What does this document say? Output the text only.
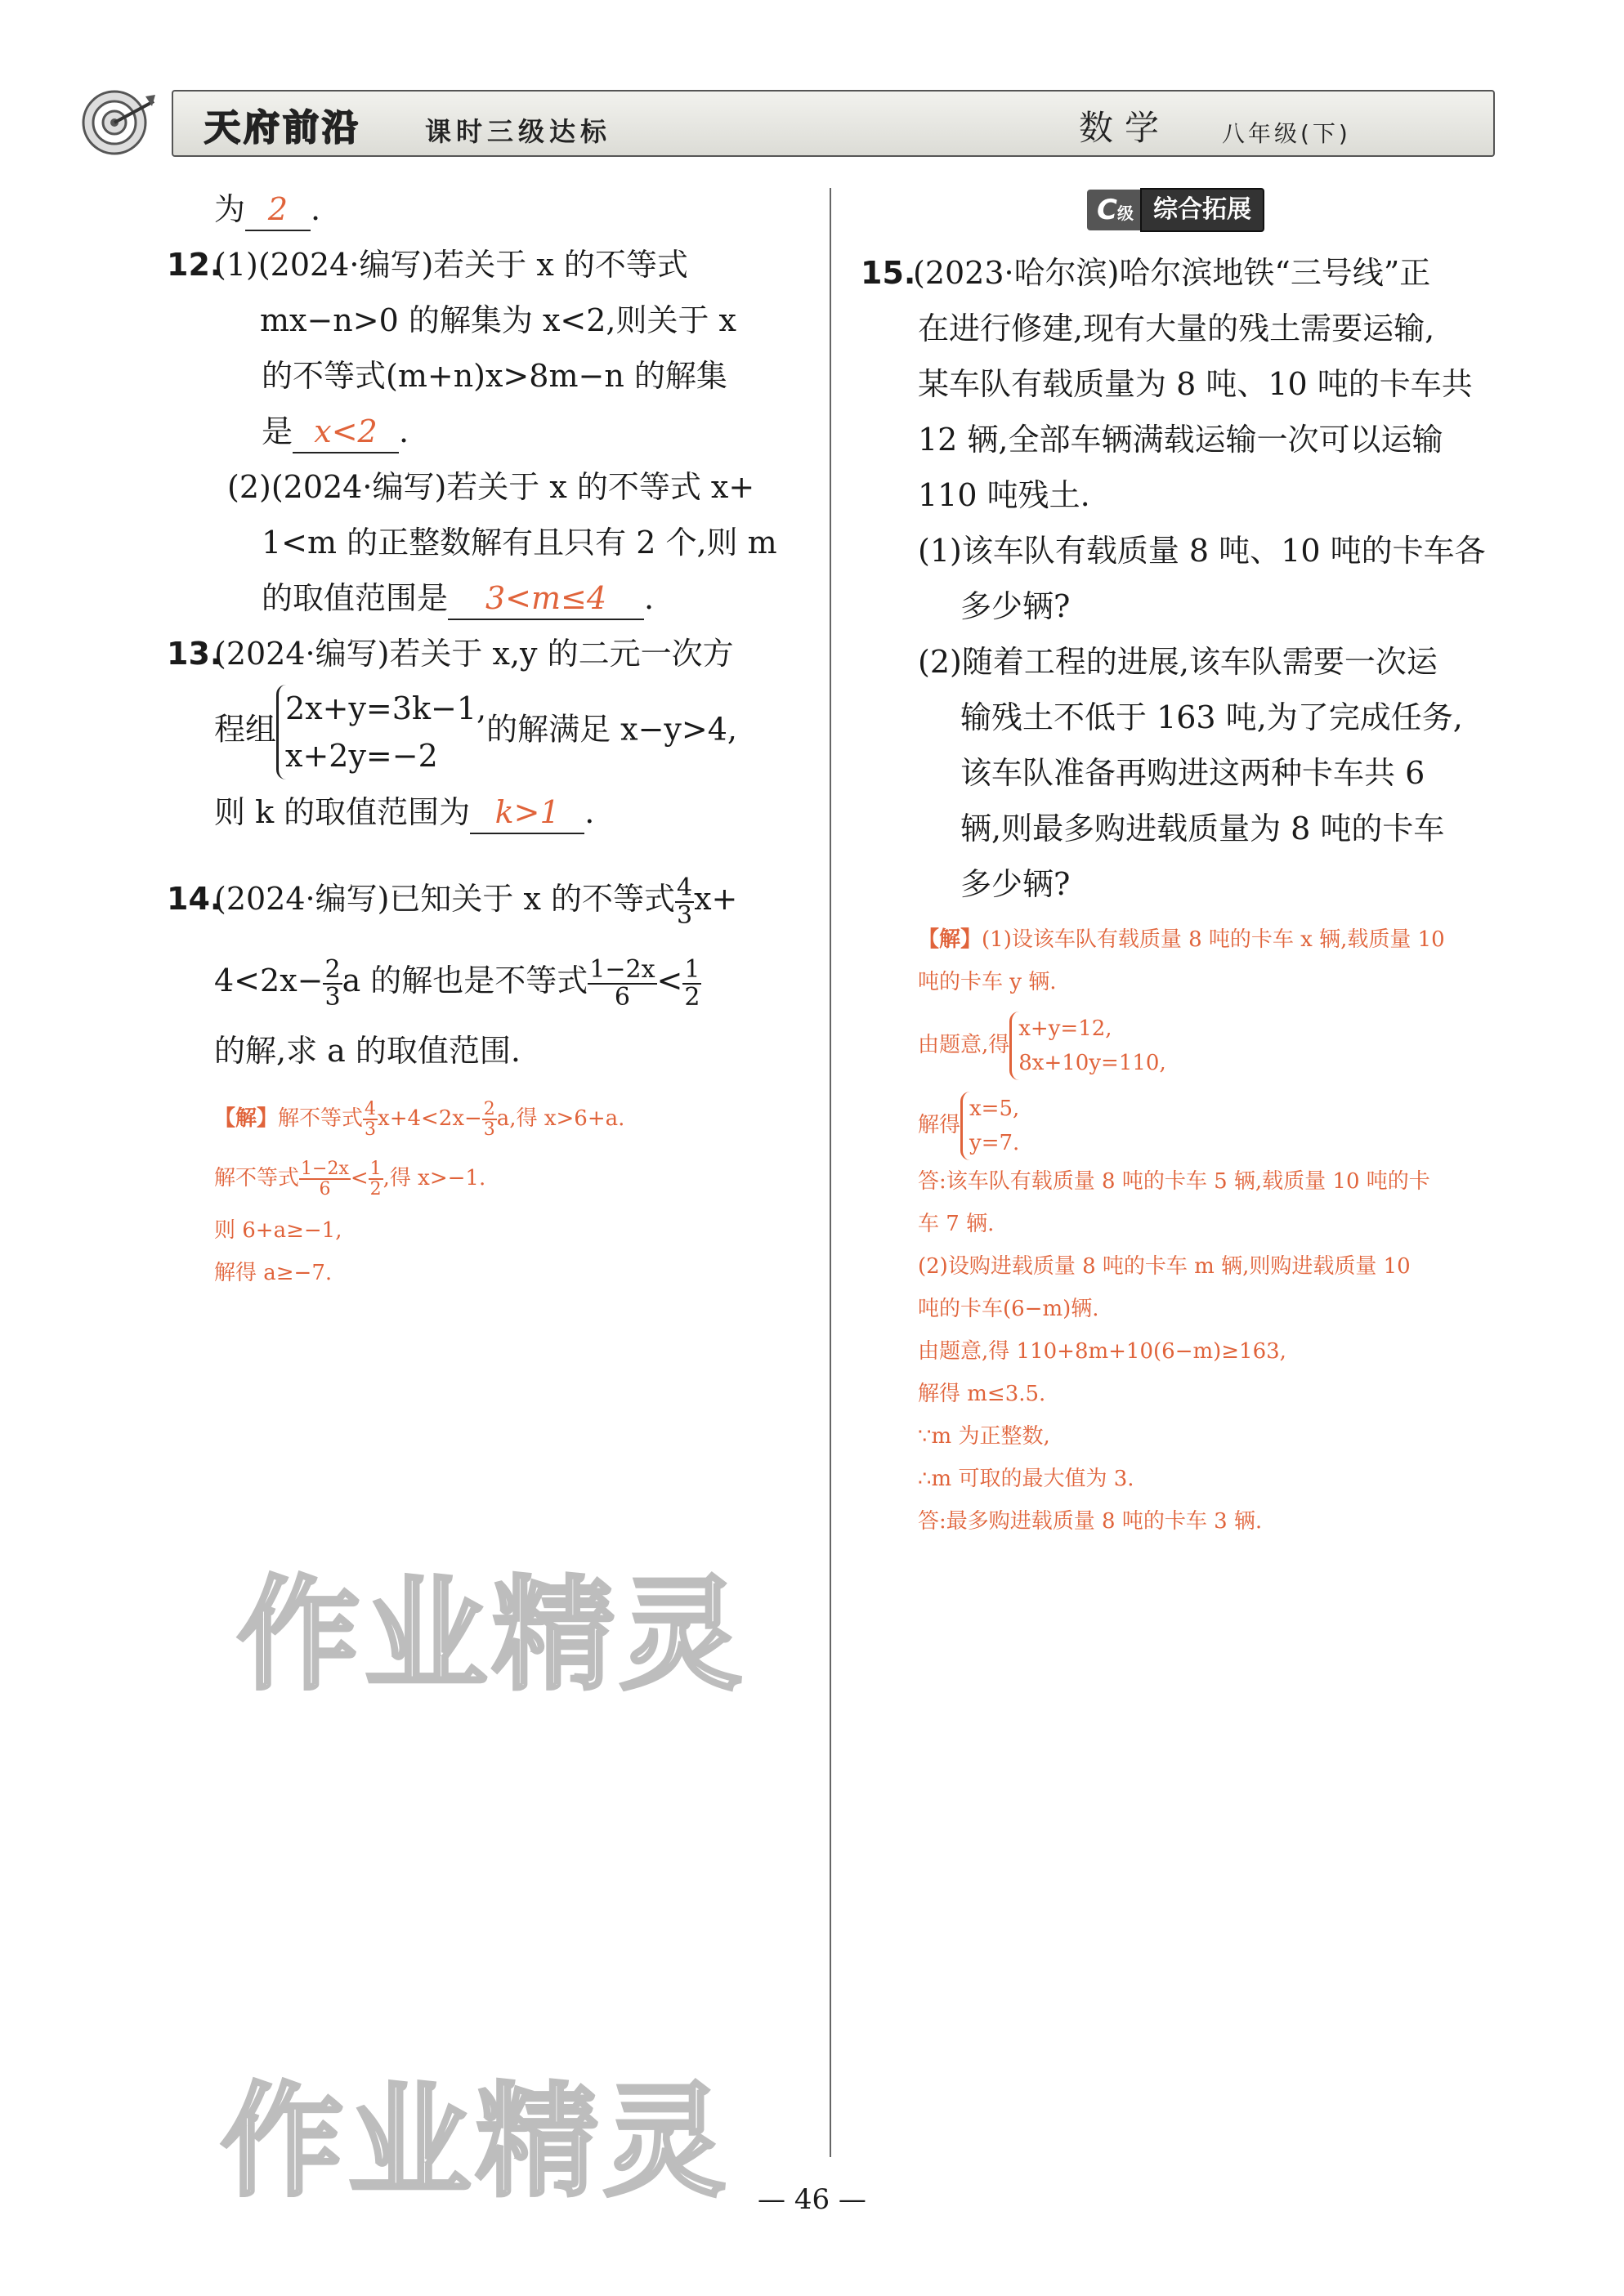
天府前沿 课时三级达标	数学 八年级(下)
为 2 .
12.
(1)(2024·编写)若关于 x 的不等式
mx−n>0 的解集为 x<2,则关于 x
的不等式(m+n)x>8m−n 的解集
是 x<2 .
(2)(2024·编写)若关于 x 的不等式 x+
1<m 的正整数解有且只有 2 个,则 m
的取值范围是 3<m≤4 .
13.
(2024·编写)若关于 x,y 的二元一次方
程组
2x+y=3k−1,
x+2y=−2
的解满足 x−y>4,
则 k 的取值范围为 k>1 .
14.
(2024·编写)已知关于 x 的不等式 $\frac{4}{3} x+$
$4<2x- \frac{2}{3}$ a 的解也是不等式 $\frac{1-2x}{6} < \frac{1}{2}$
的解,求 a 的取值范围.
【解】解不等式 $\frac{4}{3} x+4<2x- \frac{2}{3} a$,得 x>6+a.
解不等式 $\frac{1-2x}{6} < \frac{1}{2}$ ,得 x>−1.
则 6+a≥−1,
解得 a≥−7.
C级 综合拓展
15.
(2023·哈尔滨)哈尔滨地铁“三号线”正
在进行修建,现有大量的残土需要运输,
某车队有载质量为 8 吨、10 吨的卡车共
12 辆,全部车辆满载运输一次可以运输
110 吨残土.
(1)该车队有载质量 8 吨、10 吨的卡车各
多少辆?
(2)随着工程的进展,该车队需要一次运
输残土不低于 163 吨,为了完成任务,
该车队准备再购进这两种卡车共 6
辆,则最多购进载质量为 8 吨的卡车
多少辆?
【解】(1)设该车队有载质量 8 吨的卡车 x 辆,载质量 10
吨的卡车 y 辆.
由题意,得
x+y=12,
8x+10y=110,
解得
x=5,
y=7.
答:该车队有载质量 8 吨的卡车 5 辆,载质量 10 吨的卡
车 7 辆.
(2)设购进载质量 8 吨的卡车 m 辆,则购进载质量 10
吨的卡车(6−m)辆.
由题意,得 110+8m+10(6−m)≥163,
解得 m≤3.5.
∵m 为正整数,
∴m 可取的最大值为 3.
答:最多购进载质量 8 吨的卡车 3 辆.
作业精灵
作业精灵 — 46 —
